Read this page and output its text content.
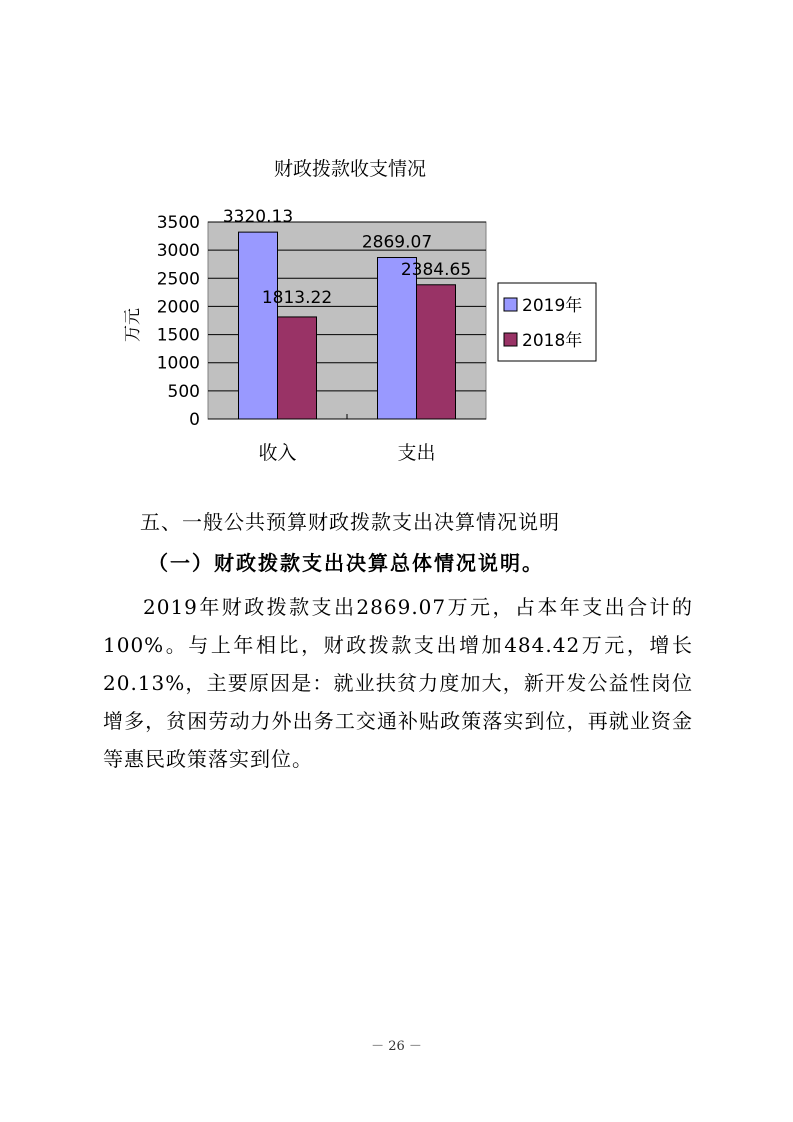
财政拨款收支情况
万元
0
500
1000
1500
2000
2500
3000
3500 3320.13
1813.22
2869.07
2384.65
收入	支出
2019年
2018年
五、一般公共预算财政拨款支出决算情况说明
（一）财政拨款支出决算总体情况说明。
2019年财政拨款支出2869.07万元，占本年支出合计的100%。与上年相比，财政拨款支出增加484.42万元，增长20.13%，主要原因是：就业扶贫力度加大，新开发公益性岗位增多，贫困劳动力外出务工交通补贴政策落实到位，再就业资金等惠民政策落实到位。
－ 26 －
